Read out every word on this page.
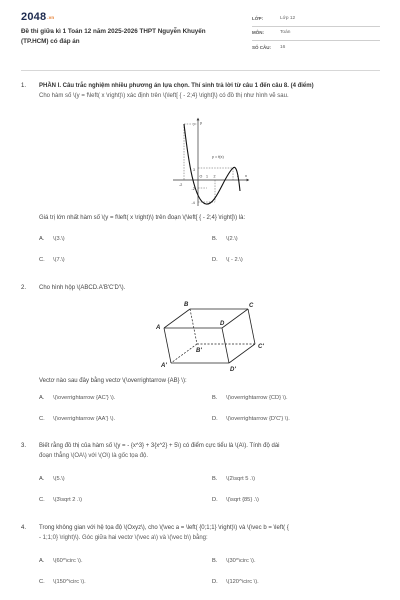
2048.vn
Đề thi giữa kì 1 Toán 12 năm 2025-2026 THPT Nguyễn Khuyến (TP.HCM) có đáp án
LỚP:	Lớp 12
MÔN:	Toán
SỐ CÂU:	16
1.	PHẦN I. Câu trắc nghiệm nhiều phương án lựa chọn. Thí sinh trả lời từ câu 1 đến câu 8. (4 điểm)
Cho hàm số \(y = f\left( x \right)\) xác định trên \(\left[ { - 2;4} \right]\) có đồ thị như hình vẽ sau.
y
x
y = f(x)
7
3
-2
-4
-2
O 1 2	4
Giá trị lớn nhất hàm số \(y = f\left( x \right)\) trên đoạn \(\left[ { - 2;4} \right]\) là:
A. \(3.\)	B. \(2.\)
C. \(7.\)	D. \( - 2.\)
2.	Cho hình hộp \(ABCD.A'B'C'D'\).
A
B	C
D
A'
B'
C'
D'
Vectơ nào sau đây bằng vectơ \(\overrightarrow {AB} \):
A. \(\overrightarrow {AC'} \).	B. \(\overrightarrow {CD} \).
C. \(\overrightarrow {AA'} \).	D. \(\overrightarrow {D'C'} \).
3.	Biết rằng đồ thị của hàm số \(y = - {x^3} + 3{x^2} + 5\) có điểm cực tiểu là \(A\). Tính độ dài
đoạn thẳng \(OA\) với \(O\) là gốc tọa độ.
A. \(5.\)	B. \(2\sqrt 5 .\)
C. \(3\sqrt 2 .\)	D. \(\sqrt {85} .\)
4.	Trong không gian với hệ tọa độ \(Oxyz\), cho \(\vec a = \left( {0;1;1} \right)\) và \(\vec b = \left( {
- 1;1;0} \right)\). Góc giữa hai vectơ \(\vec a\) và \(\vec b\) bằng:
A. \(60^\circ \).	B. \(30^\circ \).
C. \(150^\circ \).	D. \(120^\circ \).
